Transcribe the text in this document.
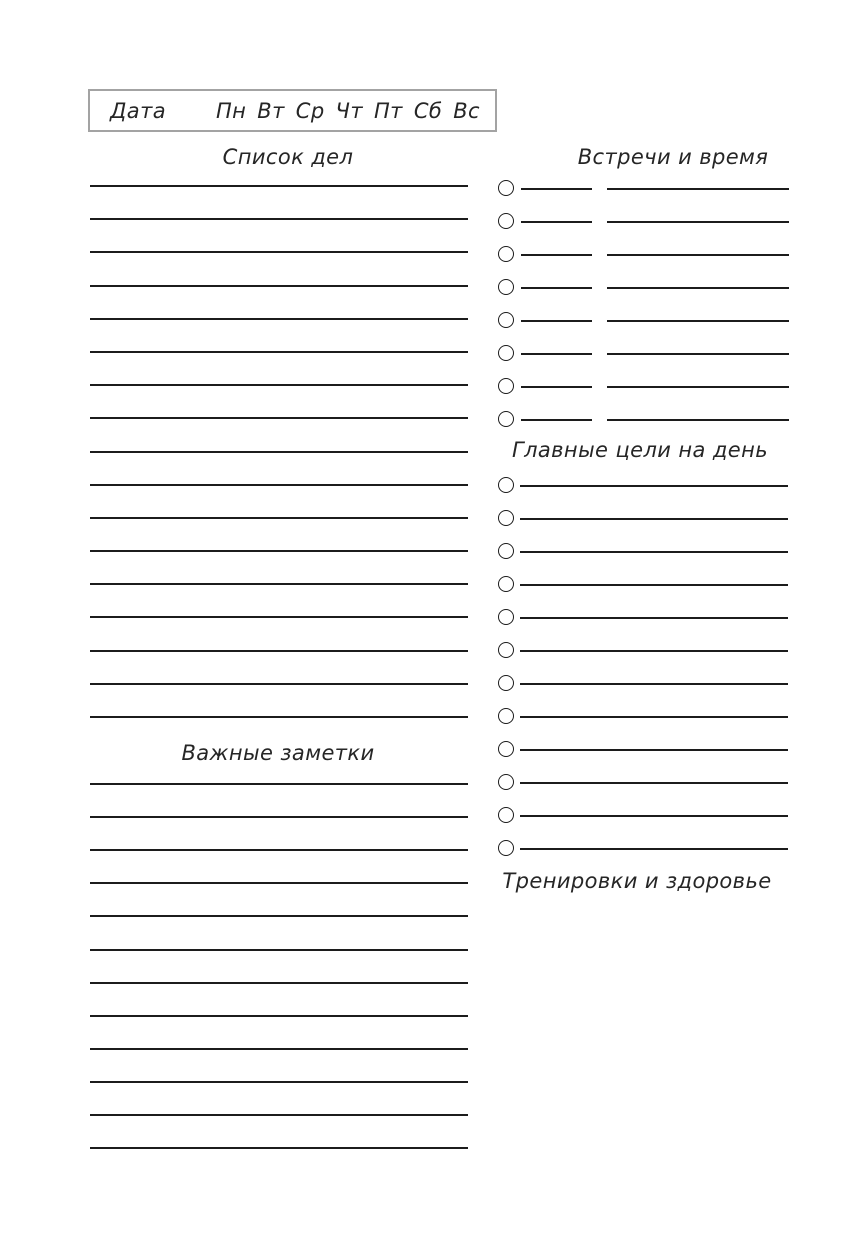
Дата Пн Вт Ср Чт Пт Сб Вс
Список дел	Встречи и время
Главные цели на день
Важные заметки
Тренировки и здоровье
